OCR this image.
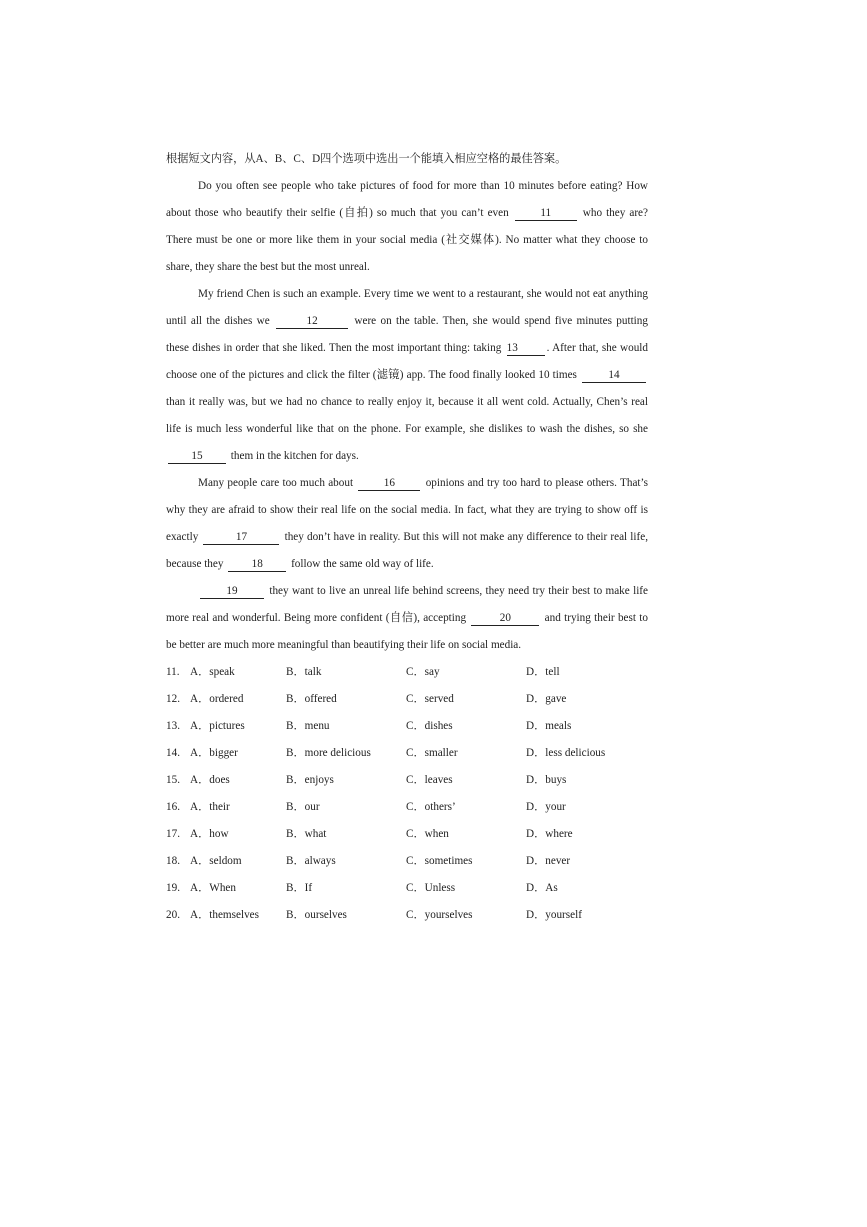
根据短文内容，从A、B、C、D四个选项中选出一个能填入相应空格的最佳答案。

Do you often see people who take pictures of food for more than 10 minutes before eating? How about those who beautify their selfie (自拍) so much that you can’t even 11 who they are? There must be one or more like them in your social media (社交媒体). No matter what they choose to share, they share the best but the most unreal.

My friend Chen is such an example. Every time we went to a restaurant, she would not eat anything until all the dishes we	12	were on the table. Then, she would spend five minutes putting these dishes in order that she liked. Then the most important thing: taking 13	. After that, she would choose one of the pictures and click the filter (滤镜) app. The food finally looked 10 times	14 than it really was, but we had no chance to really enjoy it, because it all went cold. Actually, Chen’s real life is much less wonderful like that on the phone. For example, she dislikes to wash the dishes, so she 15 them in the kitchen for days.

Many people care too much about 16 opinions and try too hard to please others. That’s why they are afraid to show their real life on the social media. In fact, what they are trying to show off is exactly	17	they don’t have in reality. But this will not make any difference to their real life, because they 18 follow the same old way of life.

19	they want to live an unreal life behind screens, they need try their best to make life more real and wonderful. Being more confident (自信), accepting	20	and trying their best to be better are much more meaningful than beautifying their life on social media.

11. A．speak	B．talk	C．say	D．tell
12. A．ordered	B．offered	C．served	D．gave
13. A．pictures	B．menu	C．dishes	D．meals
14. A．bigger	B．more delicious	C．smaller	D．less delicious
15. A．does	B．enjoys	C．leaves	D．buys
16. A．their	B．our	C．others’	D．your
17. A．how	B．what	C．when	D．where
18. A．seldom	B．always	C．sometimes	D．never
19. A．When	B．If	C．Unless	D．As
20. A．themselves	B．ourselves	C．yourselves	D．yourself
